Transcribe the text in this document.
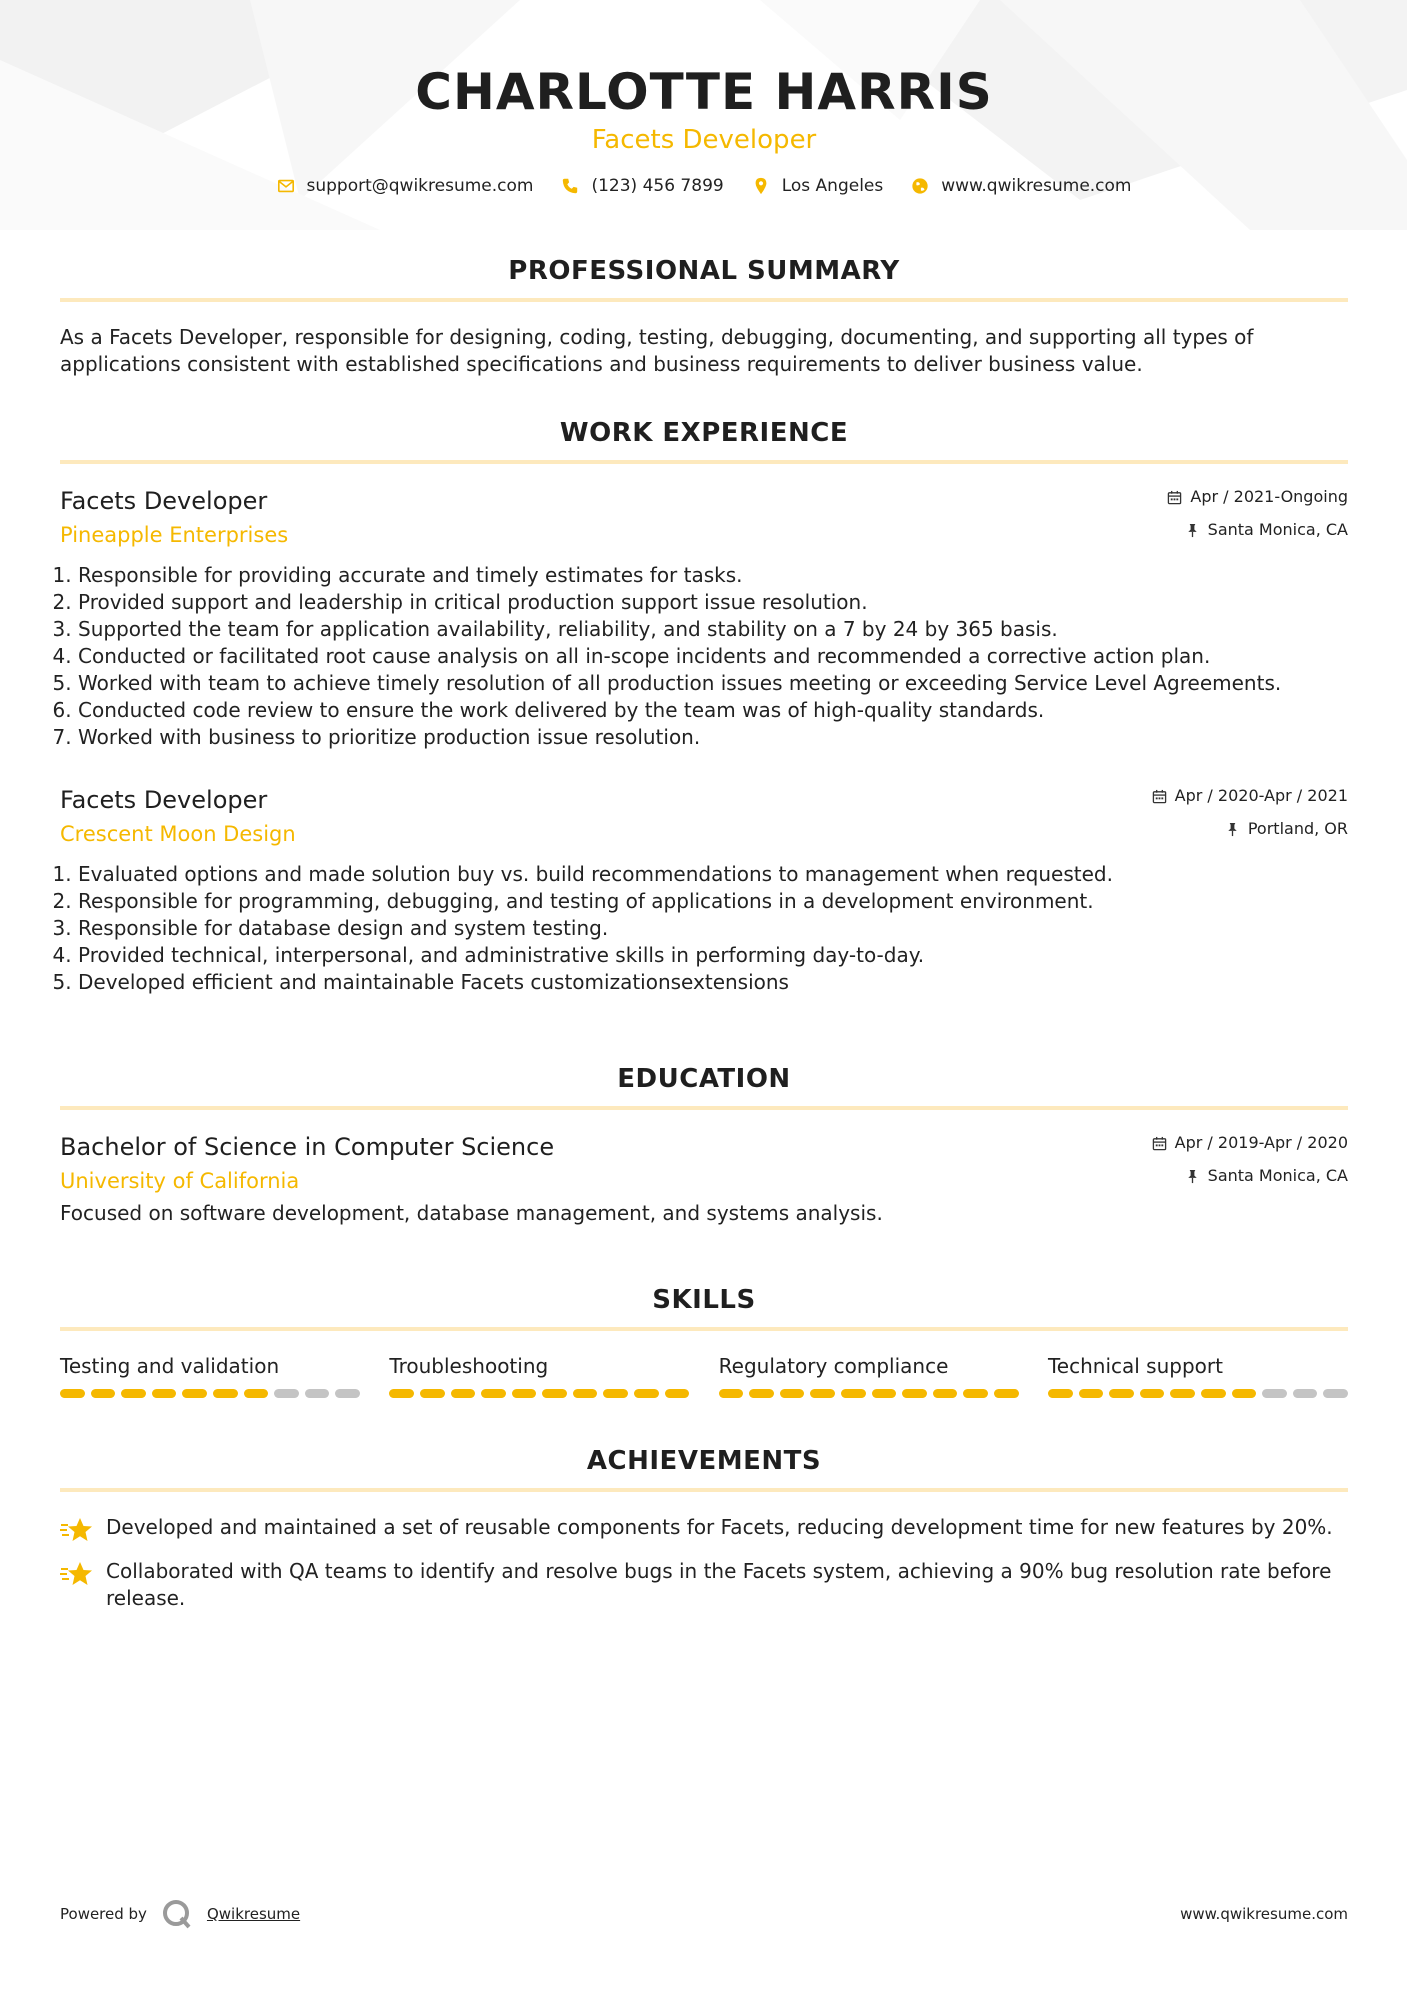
CHARLOTTE HARRIS
Facets Developer
support@qwikresume.com	(123) 456 7899	Los Angeles	www.qwikresume.com
PROFESSIONAL SUMMARY
As a Facets Developer, responsible for designing, coding, testing, debugging, documenting, and supporting all types of applications consistent with established specifications and business requirements to deliver business value.
WORK EXPERIENCE
Facets Developer
Pineapple Enterprises
Apr / 2021-Ongoing
Santa Monica, CA
1. Responsible for providing accurate and timely estimates for tasks.
2. Provided support and leadership in critical production support issue resolution.
3. Supported the team for application availability, reliability, and stability on a 7 by 24 by 365 basis.
4. Conducted or facilitated root cause analysis on all in-scope incidents and recommended a corrective action plan.
5. Worked with team to achieve timely resolution of all production issues meeting or exceeding Service Level Agreements.
6. Conducted code review to ensure the work delivered by the team was of high-quality standards.
7. Worked with business to prioritize production issue resolution.
Facets Developer
Crescent Moon Design
Apr / 2020-Apr / 2021
Portland, OR
1. Evaluated options and made solution buy vs. build recommendations to management when requested.
2. Responsible for programming, debugging, and testing of applications in a development environment.
3. Responsible for database design and system testing.
4. Provided technical, interpersonal, and administrative skills in performing day-to-day.
5. Developed efficient and maintainable Facets customizationsextensions
EDUCATION
Bachelor of Science in Computer Science
University of California
Apr / 2019-Apr / 2020
Santa Monica, CA
Focused on software development, database management, and systems analysis.
SKILLS
Testing and validation	Troubleshooting	Regulatory compliance	Technical support
ACHIEVEMENTS
Developed and maintained a set of reusable components for Facets, reducing development time for new features by 20%.
Collaborated with QA teams to identify and resolve bugs in the Facets system, achieving a 90% bug resolution rate before release.
Powered by	Qwikresume	www.qwikresume.com
